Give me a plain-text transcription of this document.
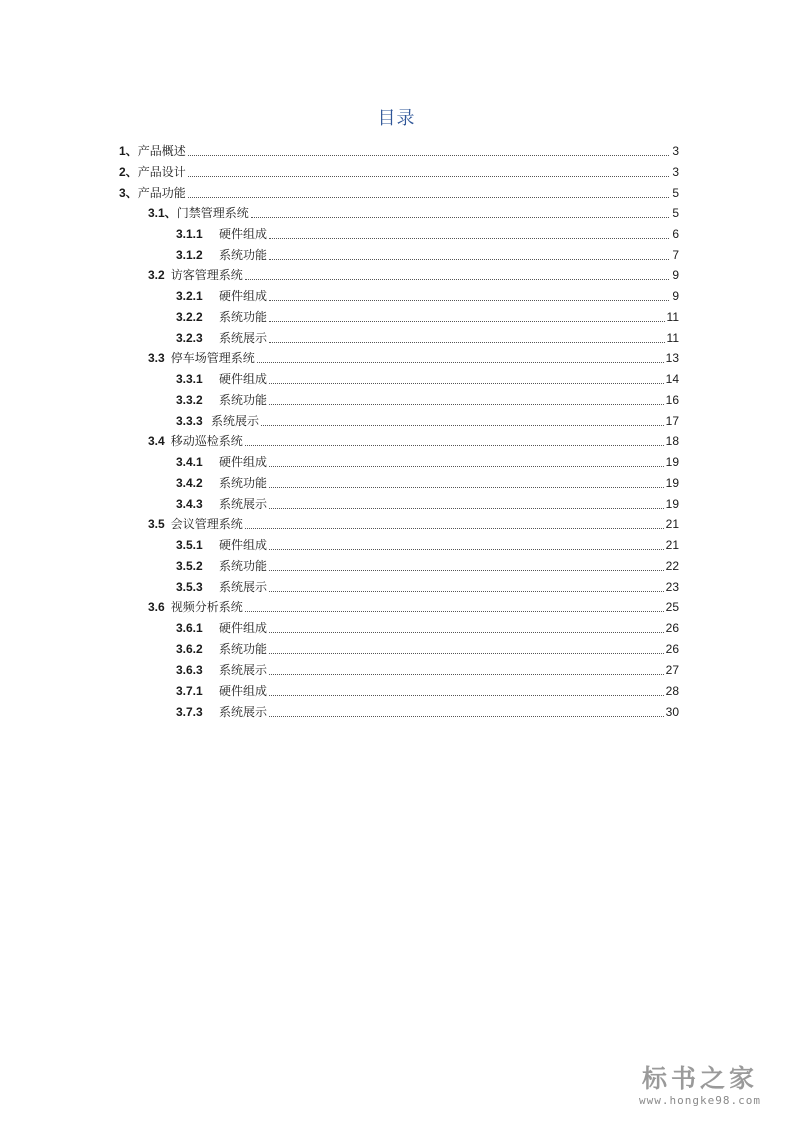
目录
1、 产品概述	3
2、 产品设计	3
3、 产品功能	5
3.1、 门禁管理系统	5
3.1.1	硬件组成	6
3.1.2	系统功能	7
3.2 访客管理系统	9
3.2.1	硬件组成	9
3.2.2	系统功能	11
3.2.3	系统展示	11
3.3 停车场管理系统	13
3.3.1	硬件组成	14
3.3.2	系统功能	16
3.3.3 系统展示	17
3.4 移动巡检系统	18
3.4.1	硬件组成	19
3.4.2	系统功能	19
3.4.3	系统展示	19
3.5 会议管理系统	21
3.5.1	硬件组成	21
3.5.2	系统功能	22
3.5.3	系统展示	23
3.6 视频分析系统	25
3.6.1	硬件组成	26
3.6.2	系统功能	26
3.6.3	系统展示	27
3.7.1	硬件组成	28
3.7.3	系统展示	30
标书之家
www.hongke98.com
